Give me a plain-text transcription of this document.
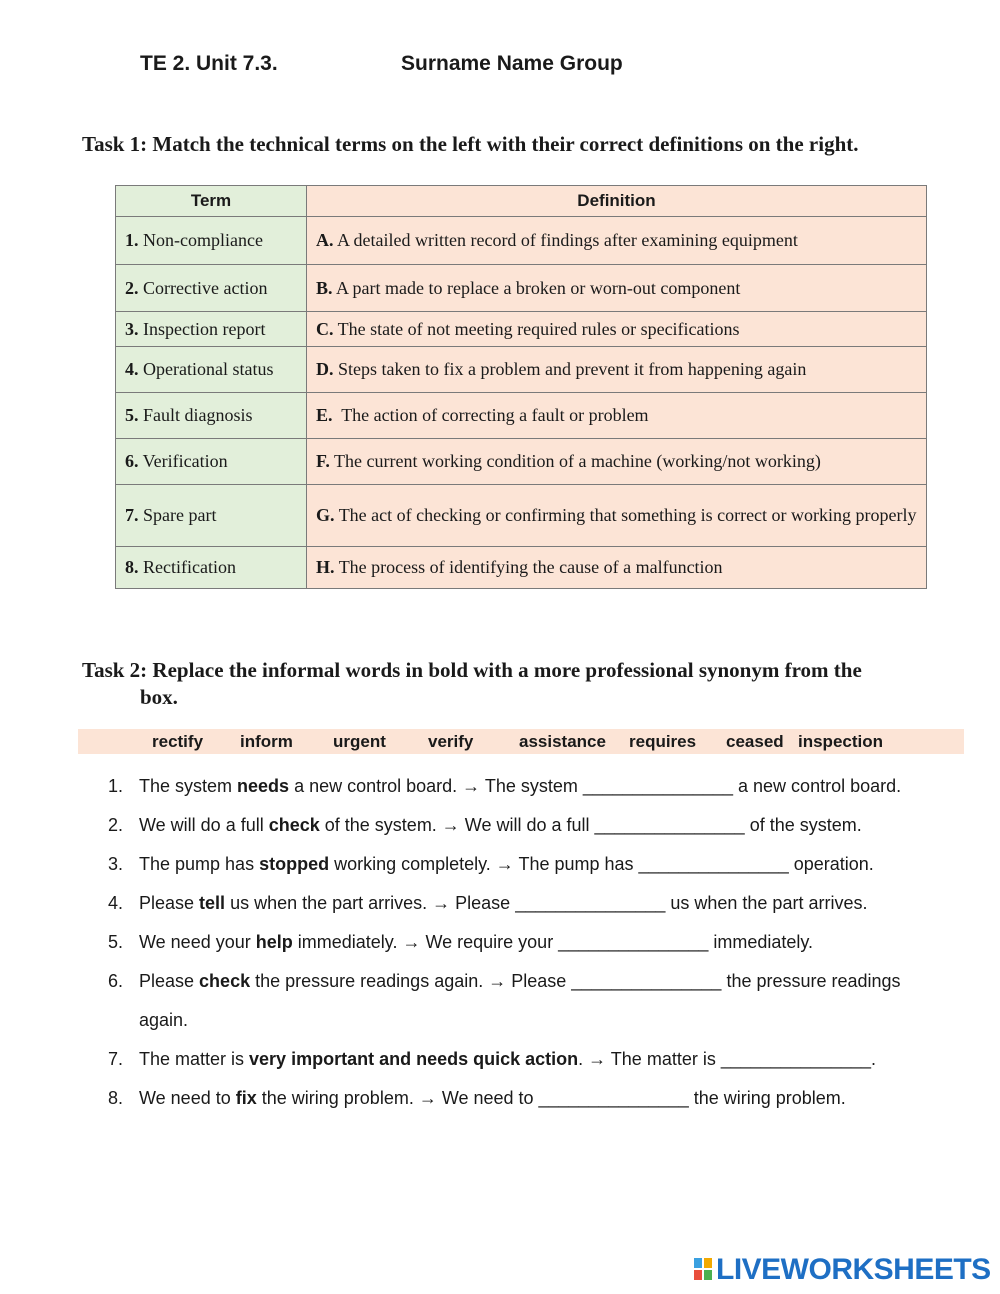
TE 2. Unit 7.3.	Surname Name Group
Task 1: Match the technical terms on the left with their correct definitions on the right.
Term	Definition
1. Non-compliance	A. A detailed written record of findings after examining equipment
2. Corrective action	B. A part made to replace a broken or worn-out component
3. Inspection report	C. The state of not meeting required rules or specifications
4. Operational status	D. Steps taken to fix a problem and prevent it from happening again
5. Fault diagnosis	E.  The action of correcting a fault or problem
6. Verification	F. The current working condition of a machine (working/not working)
7. Spare part	G. The act of checking or confirming that something is correct or working properly
8. Rectification	H. The process of identifying the cause of a malfunction
Task 2: Replace the informal words in bold with a more professional synonym from the
box.
rectify inform urgent verify	assistance requires ceased inspection
1. The system needs a new control board. → The system _______________ a new control board.
2. We will do a full check of the system. → We will do a full _______________ of the system.
3. The pump has stopped working completely. → The pump has _______________ operation.
4. Please tell us when the part arrives. → Please _______________ us when the part arrives.
5. We need your help immediately. → We require your _______________ immediately.
6. Please check the pressure readings again. → Please _______________ the pressure readings
again.
7. The matter is very important and needs quick action. → The matter is _______________.
8. We need to fix the wiring problem. → We need to _______________ the wiring problem.
LIVEWORKSHEETS
